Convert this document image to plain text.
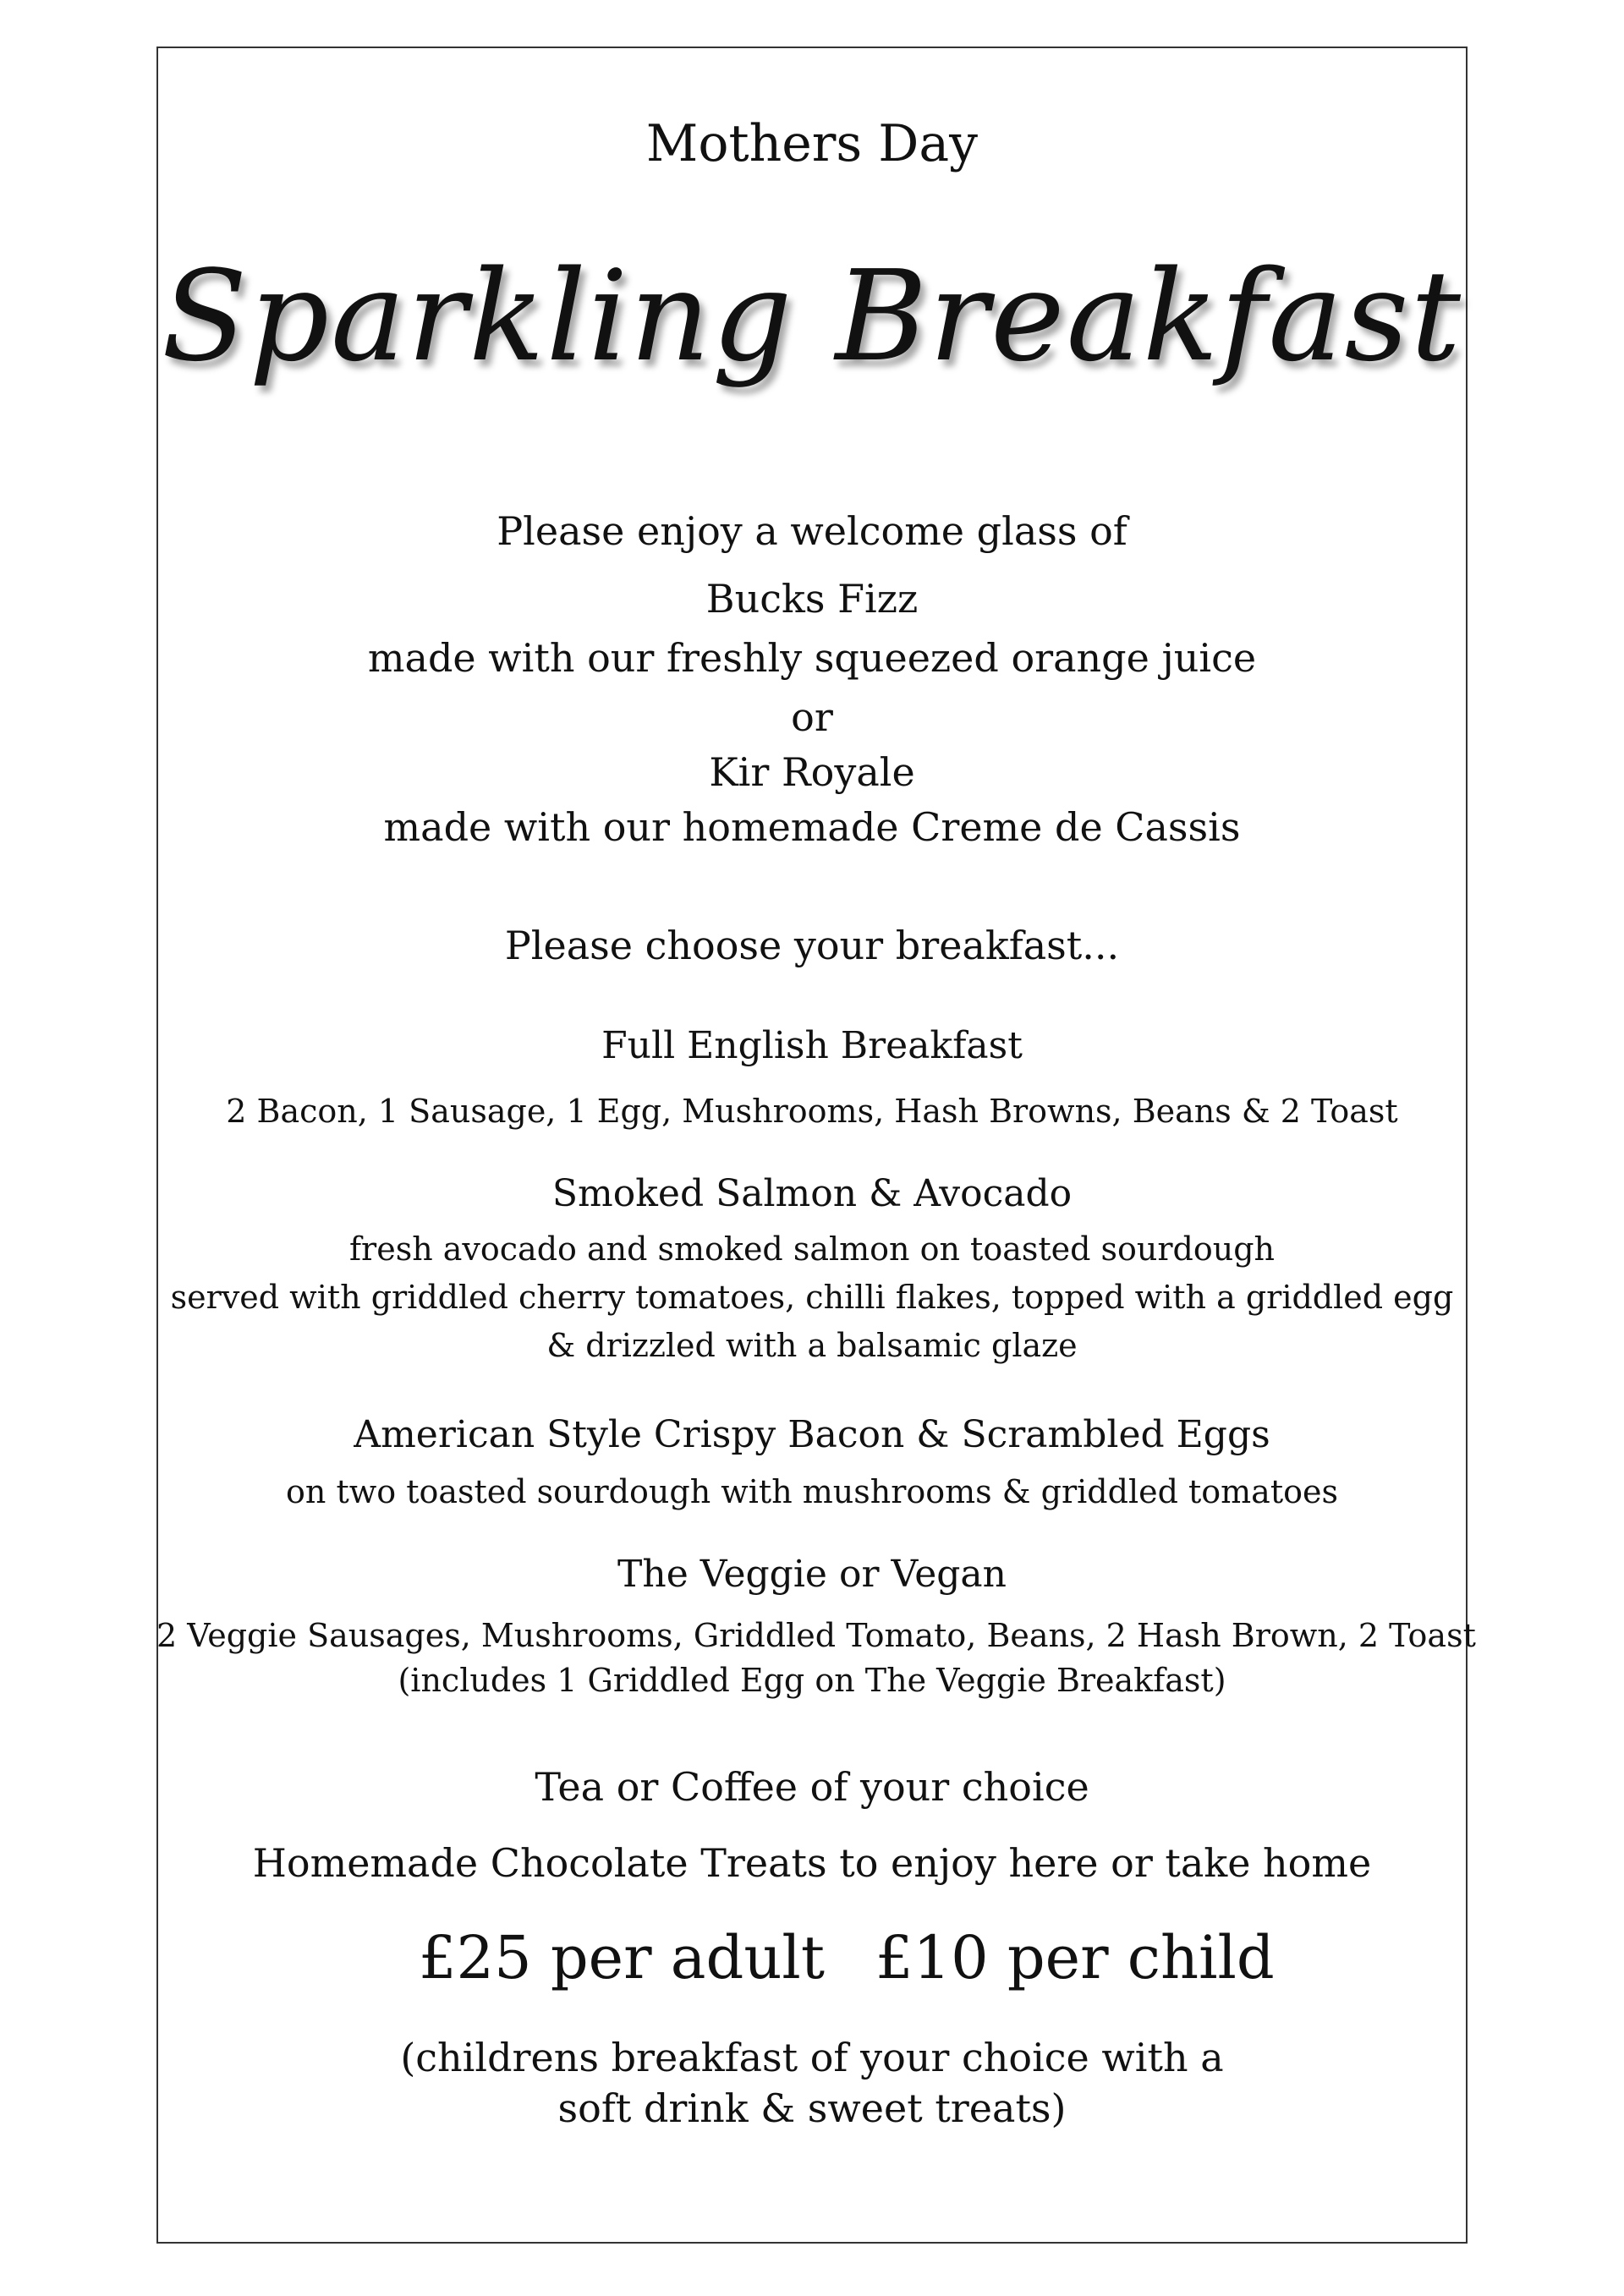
Mothers Day
Sparkling Breakfast
Please enjoy a welcome glass of
Bucks Fizz
made with our freshly squeezed orange juice
or
Kir Royale
made with our homemade Creme de Cassis
Please choose your breakfast...
Full English Breakfast
2 Bacon, 1 Sausage, 1 Egg, Mushrooms, Hash Browns, Beans & 2 Toast
Smoked Salmon & Avocado
fresh avocado and smoked salmon on toasted sourdough
served with griddled cherry tomatoes, chilli flakes, topped with a griddled egg
& drizzled with a balsamic glaze
American Style Crispy Bacon & Scrambled Eggs
on two toasted sourdough with mushrooms & griddled tomatoes
The Veggie or Vegan
2 Veggie Sausages, Mushrooms, Griddled Tomato, Beans, 2 Hash Brown, 2 Toast
(includes 1 Griddled Egg on The Veggie Breakfast)
Tea or Coffee of your choice
Homemade Chocolate Treats to enjoy here or take home
£25 per adult £10 per child
(childrens breakfast of your choice with a
soft drink & sweet treats)
